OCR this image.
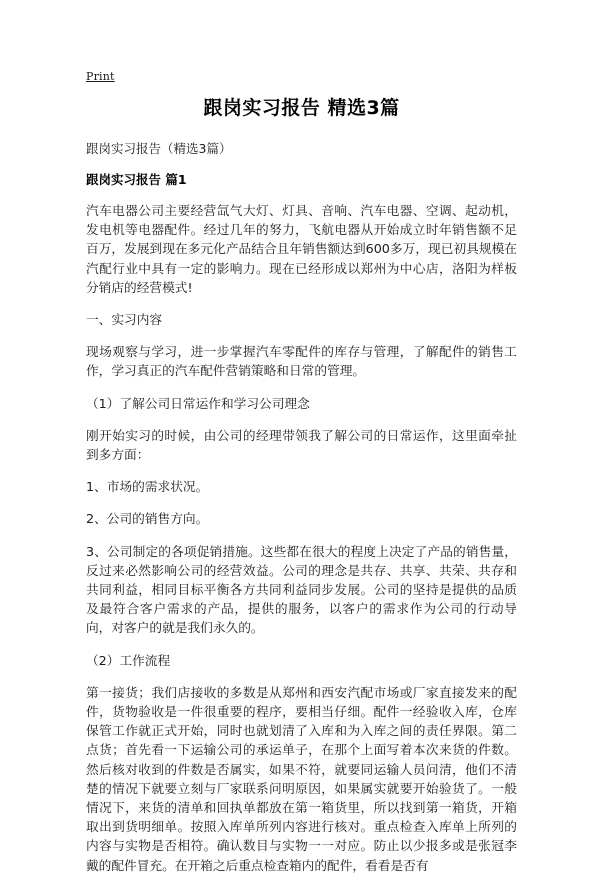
Print
跟岗实习报告 精选3篇

跟岗实习报告（精选3篇）

跟岗实习报告 篇1

汽车电器公司主要经营氙气大灯、灯具、音响、汽车电器、空调、起动机，发电机等电器配件。经过几年的努力，飞航电器从开始成立时年销售额不足百万，发展到现在多元化产品结合且年销售额达到600多万，现已初具规模在汽配行业中具有一定的影响力。现在已经形成以郑州为中心店，洛阳为样板分销店的经营模式!

一、实习内容

现场观察与学习，进一步掌握汽车零配件的库存与管理，了解配件的销售工作，学习真正的汽车配件营销策略和日常的管理。

（1）了解公司日常运作和学习公司理念

刚开始实习的时候，由公司的经理带领我了解公司的日常运作，这里面牵扯到多方面：

1、市场的需求状况。

2、公司的销售方向。

3、公司制定的各项促销措施。这些都在很大的程度上决定了产品的销售量，反过来必然影响公司的经营效益。公司的理念是共存、共享、共荣、共存和共同利益，相同目标平衡各方共同利益同步发展。公司的坚持是提供的品质及最符合客户需求的产品，提供的服务，以客户的需求作为公司的行动导向，对客户的就是我们永久的。

（2）工作流程

第一接货；我们店接收的多数是从郑州和西安汽配市场或厂家直接发来的配件，货物验收是一件很重要的程序，要相当仔细。配件一经验收入库，仓库保管工作就正式开始，同时也就划清了入库和为入库之间的责任界限。第二点货；首先看一下运输公司的承运单子，在那个上面写着本次来货的件数。然后核对收到的件数是否属实，如果不符，就要同运输人员问清，他们不清楚的情况下就要立刻与厂家联系问明原因，如果属实就要开始验货了。一般情况下，来货的清单和回执单都放在第一箱货里，所以找到第一箱货，开箱取出到货明细单。按照入库单所列内容进行核对。重点检查入库单上所列的内容与实物是否相符。确认数目与实物一一对应。防止以少报多或是张冠李戴的配件冒充。在开箱之后重点检查箱内的配件，看看是否有
